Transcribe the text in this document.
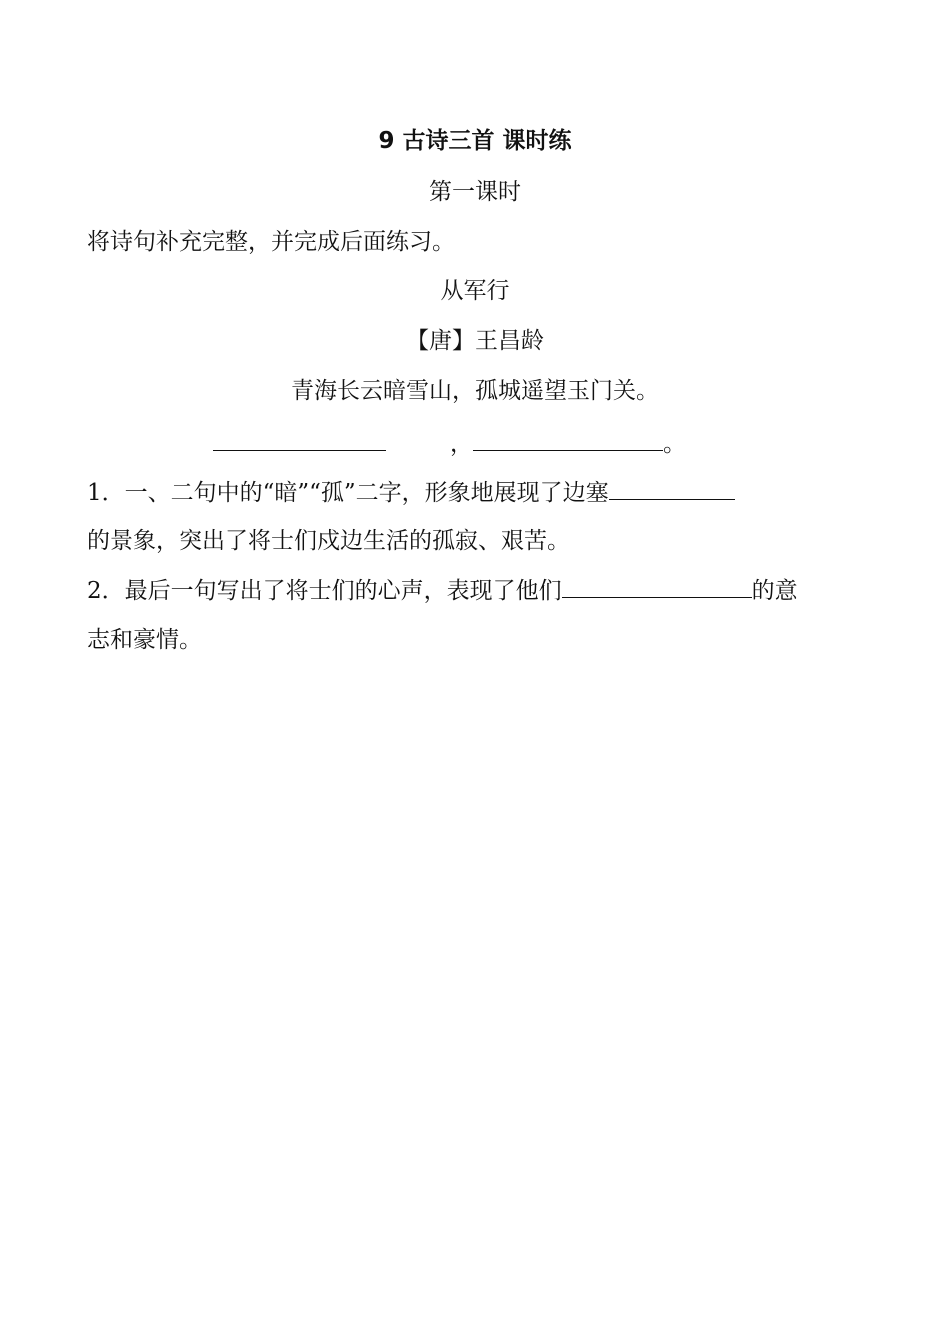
9 古诗三首 课时练
第一课时
将诗句补充完整，并完成后面练习。
从军行
【唐】王昌龄
青海长云暗雪山，孤城遥望玉门关。
，	。
1．一、二句中的“暗”“孤”二字，形象地展现了边塞
的景象，突出了将士们戍边生活的孤寂、艰苦。
2．最后一句写出了将士们的心声，表现了他们	的意
志和豪情。
